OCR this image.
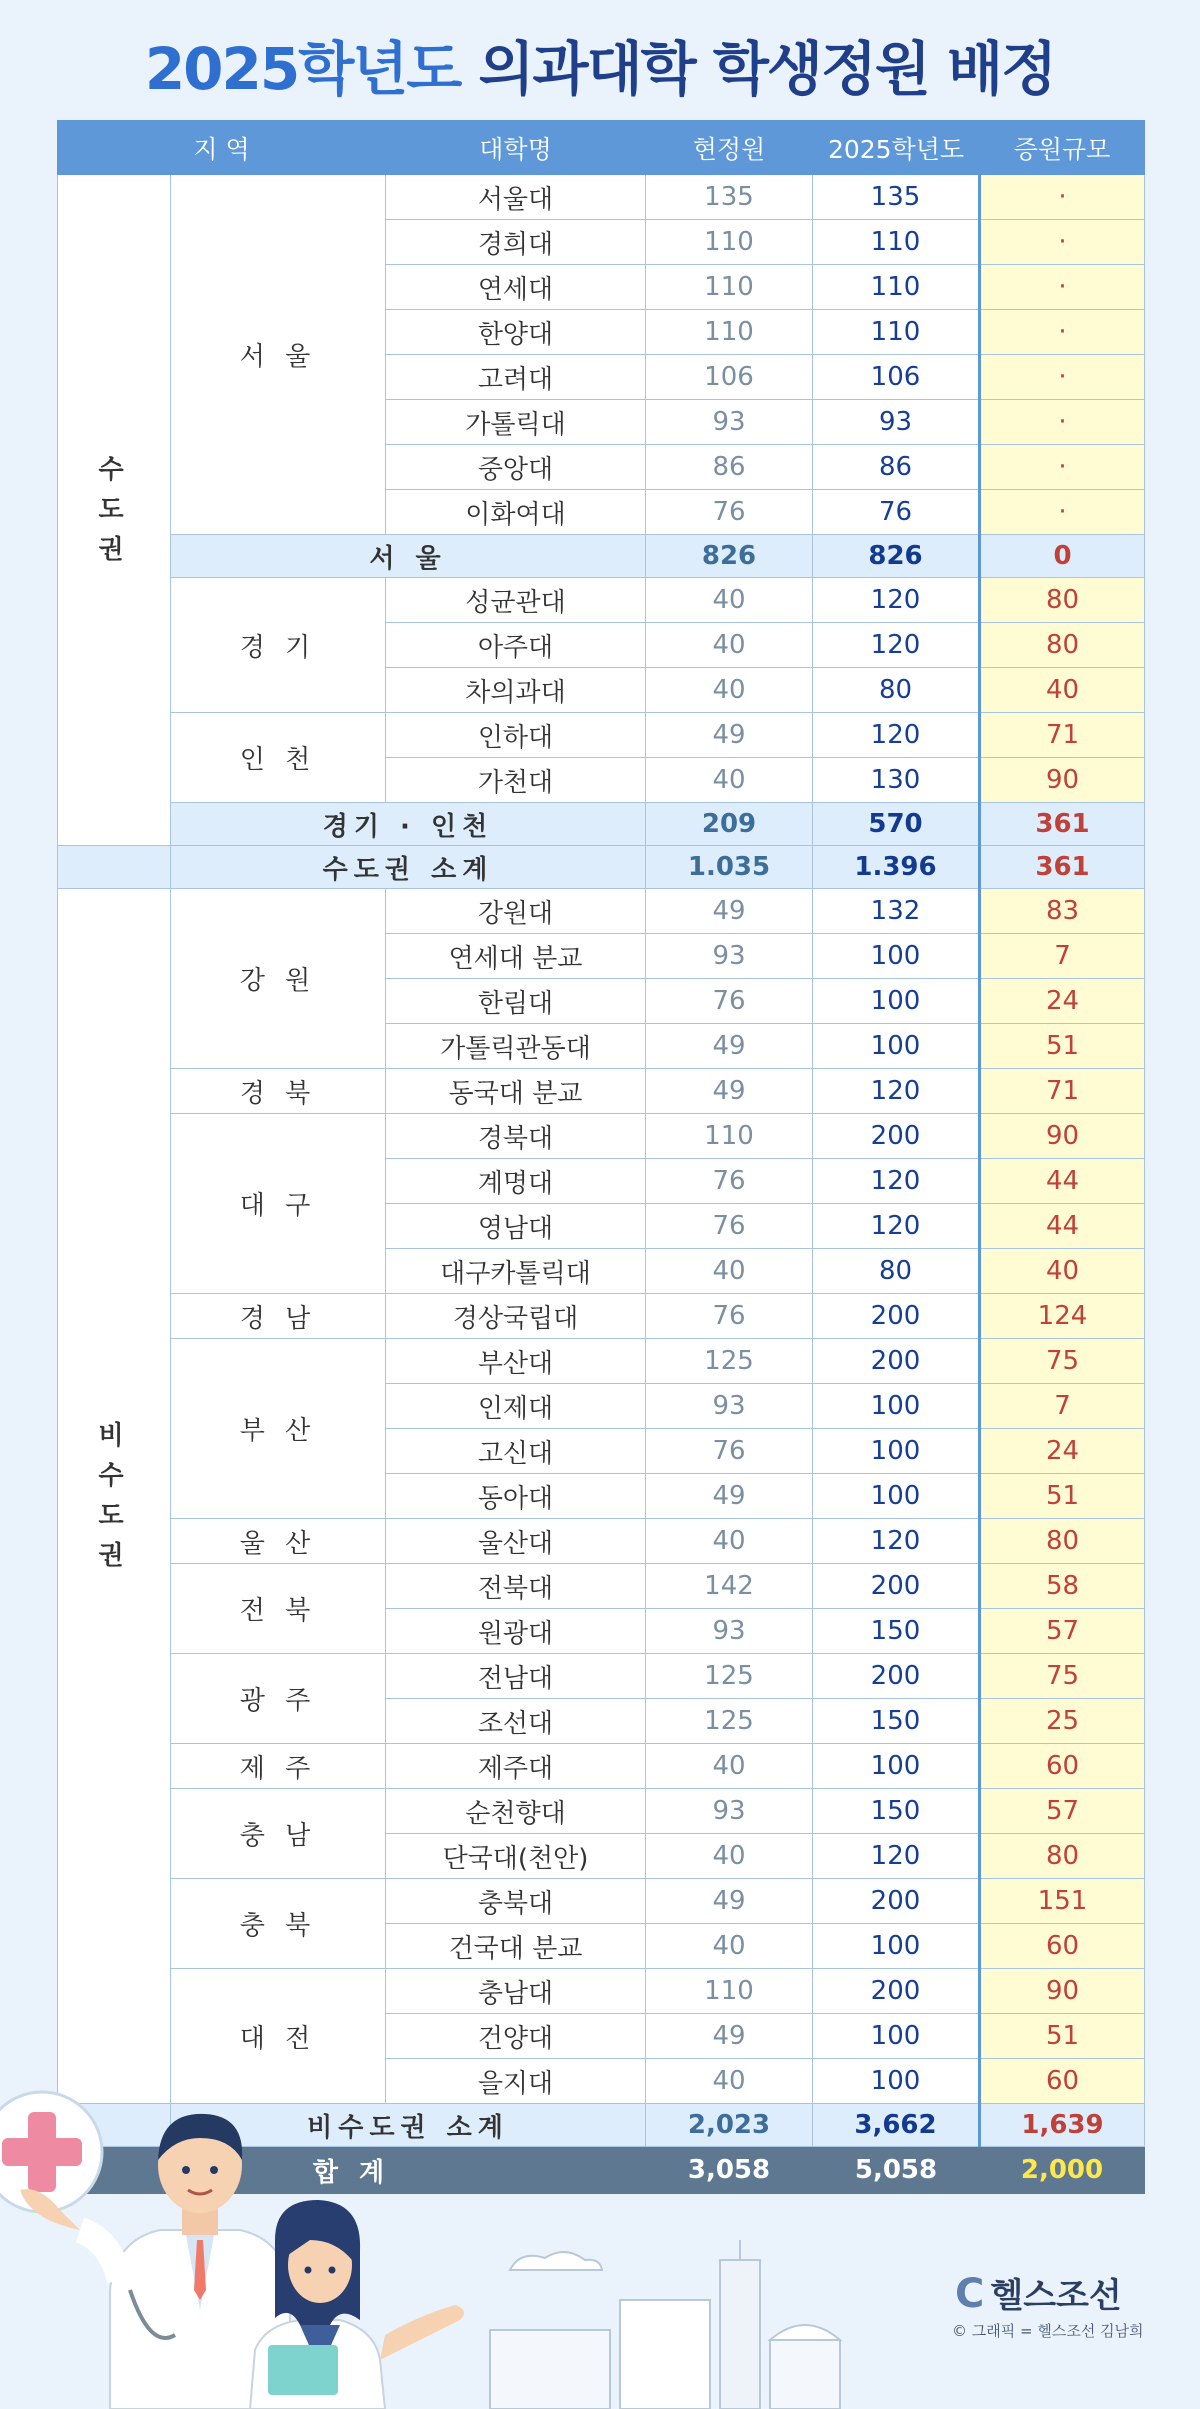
2025학년도 의과대학 학생정원 배정
지 역		대학명	현정원	2025학년도	증원규모
수
도
권	서 울	서울대	135	135	·
		경희대	110	110	·
		연세대	110	110	·
		한양대	110	110	·
		고려대	106	106	·
		가톨릭대	93	93	·
		중앙대	86	86	·
		이화여대	76	76	·
	서 울		826	826	0
	경 기	성균관대	40	120	80
		아주대	40	120	80
		차의과대	40	80	40
	인 천	인하대	49	120	71
		가천대	40	130	90
	경기 · 인천		209	570	361
	수도권 소계		1.035	1.396	361
비
수
도
권	강 원	강원대	49	132	83
		연세대 분교	93	100	7
		한림대	76	100	24
		가톨릭관동대	49	100	51
	경 북	동국대 분교	49	120	71
	대 구	경북대	110	200	90
		계명대	76	120	44
		영남대	76	120	44
		대구카톨릭대	40	80	40
	경 남	경상국립대	76	200	124
	부 산	부산대	125	200	75
		인제대	93	100	7
		고신대	76	100	24
		동아대	49	100	51
	울 산	울산대	40	120	80
	전 북	전북대	142	200	58
		원광대	93	150	57
	광 주	전남대	125	200	75
		조선대	125	150	25
	제 주	제주대	40	100	60
	충 남	순천향대	93	150	57
		단국대(천안)	40	120	80
	충 북	충북대	49	200	151
		건국대 분교	40	100	60
	대 전	충남대	110	200	90
		건양대	49	100	51
		을지대	40	100	60
	비수도권 소계		2,023	3,662	1,639
합 계			3,058	5,058	2,000
C 헬스조선
© 그래픽 = 헬스조선 김남희
